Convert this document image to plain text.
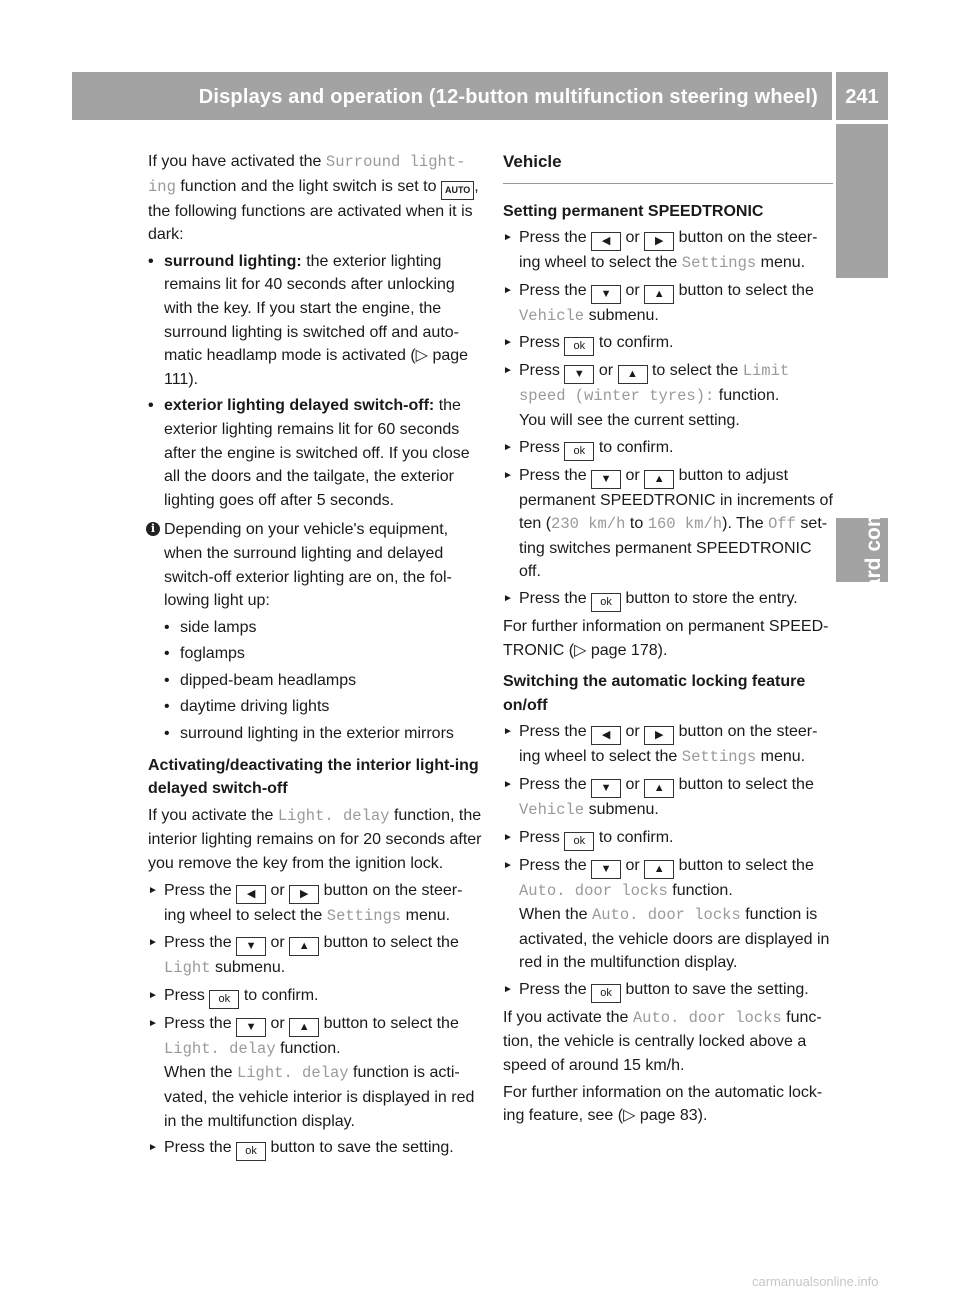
Displays and operation (12-button multifunction steering wheel)	241
On-board computer and displays

If you have activated the Surround light-ing function and the light switch is set to AUTO , the following functions are activated when it is dark:

• surround lighting: the exterior lighting remains lit for 40 seconds after unlocking with the key. If you start the engine, the surround lighting is switched off and auto-matic headlamp mode is activated (▷ page 111).
• exterior lighting delayed switch-off: the exterior lighting remains lit for 60 seconds after the engine is switched off. If you close all the doors and the tailgate, the exterior lighting goes off after 5 seconds.
i Depending on your vehicle's equipment, when the surround lighting and delayed switch-off exterior lighting are on, the fol-lowing light up:
• side lamps
• foglamps
• dipped-beam headlamps
• daytime driving lights
• surround lighting in the exterior mirrors
Activating/deactivating the interior light-ing delayed switch-off

If you activate the Light. delay function, the interior lighting remains on for 20 seconds after you remove the key from the ignition lock.

► Press the ◀ or ▶ button on the steer-ing wheel to select the Settings menu.
► Press the ▼ or ▲ button to select the Light submenu.
► Press ok to confirm.
► Press the ▼ or ▲ button to select the Light. delay function.
When the Light. delay function is acti-vated, the vehicle interior is displayed in red in the multifunction display.
► Press the ok button to save the setting.
Vehicle
Setting permanent SPEEDTRONIC
► Press the ◀ or ▶ button on the steer-ing wheel to select the Settings menu.
► Press the ▼ or ▲ button to select the Vehicle submenu.
► Press ok to confirm.
► Press ▼ or ▲ to select the Limit speed (winter tyres): function.
You will see the current setting.
► Press ok to confirm.
► Press the ▼ or ▲ button to adjust permanent SPEEDTRONIC in increments of ten (230 km/h to 160 km/h). The Off set-ting switches permanent SPEEDTRONIC off.
► Press the ok button to store the entry.

For further information on permanent SPEED-TRONIC (▷ page 178).

Switching the automatic locking feature on/off
► Press the ◀ or ▶ button on the steer-ing wheel to select the Settings menu.
► Press the ▼ or ▲ button to select the Vehicle submenu.
► Press ok to confirm.
► Press the ▼ or ▲ button to select the Auto. door locks function.
When the Auto. door locks function is activated, the vehicle doors are displayed in red in the multifunction display.
► Press the ok button to save the setting.

If you activate the Auto. door locks func-tion, the vehicle is centrally locked above a speed of around 15 km/h.

For further information on the automatic lock-ing feature, see (▷ page 83).

carmanualsonline.info
